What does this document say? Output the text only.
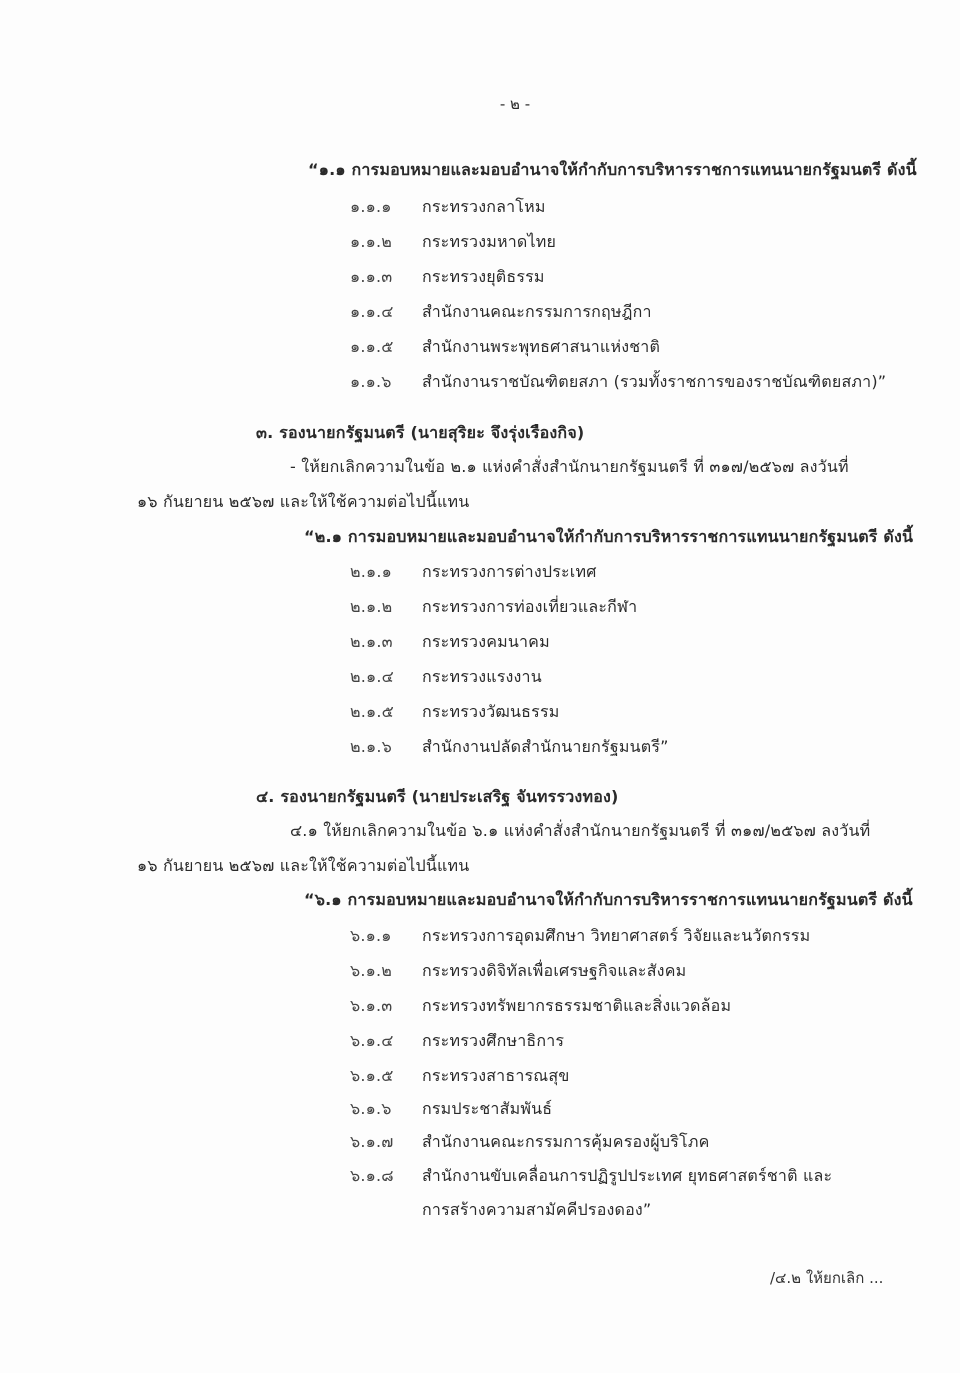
- ๒ -
“๑.๑ การมอบหมายและมอบอำนาจให้กำกับการบริหารราชการแทนนายกรัฐมนตรี ดังนี้
๑.๑.๑ กระทรวงกลาโหม
๑.๑.๒ กระทรวงมหาดไทย
๑.๑.๓ กระทรวงยุติธรรม
๑.๑.๔ สำนักงานคณะกรรมการกฤษฎีกา
๑.๑.๕ สำนักงานพระพุทธศาสนาแห่งชาติ
๑.๑.๖ สำนักงานราชบัณฑิตยสภา (รวมทั้งราชการของราชบัณฑิตยสภา)”
๓. รองนายกรัฐมนตรี (นายสุริยะ จึงรุ่งเรืองกิจ)
- ให้ยกเลิกความในข้อ ๒.๑ แห่งคำสั่งสำนักนายกรัฐมนตรี ที่ ๓๑๗/๒๕๖๗ ลงวันที่
๑๖ กันยายน ๒๕๖๗ และให้ใช้ความต่อไปนี้แทน
“๒.๑ การมอบหมายและมอบอำนาจให้กำกับการบริหารราชการแทนนายกรัฐมนตรี ดังนี้
๒.๑.๑ กระทรวงการต่างประเทศ
๒.๑.๒ กระทรวงการท่องเที่ยวและกีฬา
๒.๑.๓ กระทรวงคมนาคม
๒.๑.๔ กระทรวงแรงงาน
๒.๑.๕ กระทรวงวัฒนธรรม
๒.๑.๖ สำนักงานปลัดสำนักนายกรัฐมนตรี”
๔. รองนายกรัฐมนตรี (นายประเสริฐ จันทรรวงทอง)
๔.๑ ให้ยกเลิกความในข้อ ๖.๑ แห่งคำสั่งสำนักนายกรัฐมนตรี ที่ ๓๑๗/๒๕๖๗ ลงวันที่
๑๖ กันยายน ๒๕๖๗ และให้ใช้ความต่อไปนี้แทน
“๖.๑ การมอบหมายและมอบอำนาจให้กำกับการบริหารราชการแทนนายกรัฐมนตรี ดังนี้
๖.๑.๑ กระทรวงการอุดมศึกษา วิทยาศาสตร์ วิจัยและนวัตกรรม
๖.๑.๒ กระทรวงดิจิทัลเพื่อเศรษฐกิจและสังคม
๖.๑.๓ กระทรวงทรัพยากรธรรมชาติและสิ่งแวดล้อม
๖.๑.๔ กระทรวงศึกษาธิการ
๖.๑.๕ กระทรวงสาธารณสุข
๖.๑.๖ กรมประชาสัมพันธ์
๖.๑.๗ สำนักงานคณะกรรมการคุ้มครองผู้บริโภค
๖.๑.๘ สำนักงานขับเคลื่อนการปฏิรูปประเทศ ยุทธศาสตร์ชาติ และ
การสร้างความสามัคคีปรองดอง”
/๔.๒ ให้ยกเลิก ...
